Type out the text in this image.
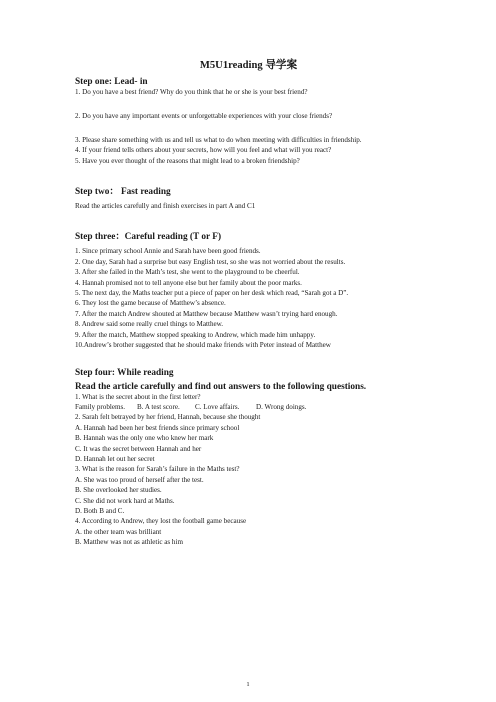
M5U1reading 导学案

Step one: Lead- in

1. Do you have a best friend? Why do you think that he or she is your best friend?

2. Do you have any important events or unforgettable experiences with your close friends?

3. Please share something with us and tell us what to do when meeting with difficulties in friendship.

4. If your friend tells others about your secrets, how will you feel and what will you react?

5. Have you ever thought of the reasons that might lead to a broken friendship?

Step two： Fast reading

Read the articles carefully and finish exercises in part A and C1

Step three：Careful reading (T or F)

1. Since primary school Annie and Sarah have been good friends.

2. One day, Sarah had a surprise but easy English test, so she was not worried about the results.

3. After she failed in the Math’s test, she went to the playground to be cheerful.

4. Hannah promised not to tell anyone else but her family about the poor marks.

5. The next day, the Maths teacher put a piece of paper on her desk which read, “Sarah got a D”.

6. They lost the game because of Matthew’s absence.

7. After the match Andrew shouted at Matthew because Matthew wasn’t trying hard enough.

8. Andrew said some really cruel things to Matthew.

9. After the match, Matthew stopped speaking to Andrew, which made him unhappy.

10.Andrew’s brother suggested that he should make friends with Peter instead of Matthew

Step four: While reading

Read the article carefully and find out answers to the following questions.

1. What is the secret about in the first letter?

Family problems. B. A test score. C. Love affairs. D. Wrong doings.

2. Sarah felt betrayed by her friend, Hannah, because she thought

A. Hannah had been her best friends since primary school

B. Hannah was the only one who knew her mark

C. It was the secret between Hannah and her

D. Hannah let out her secret

3. What is the reason for Sarah’s failure in the Maths test?

A. She was too proud of herself after the test.

B. She overlooked her studies.

C. She did not work hard at Maths.

D. Both B and C.

4. According to Andrew, they lost the football game because

A. the other team was brilliant

B. Matthew was not as athletic as him

1
